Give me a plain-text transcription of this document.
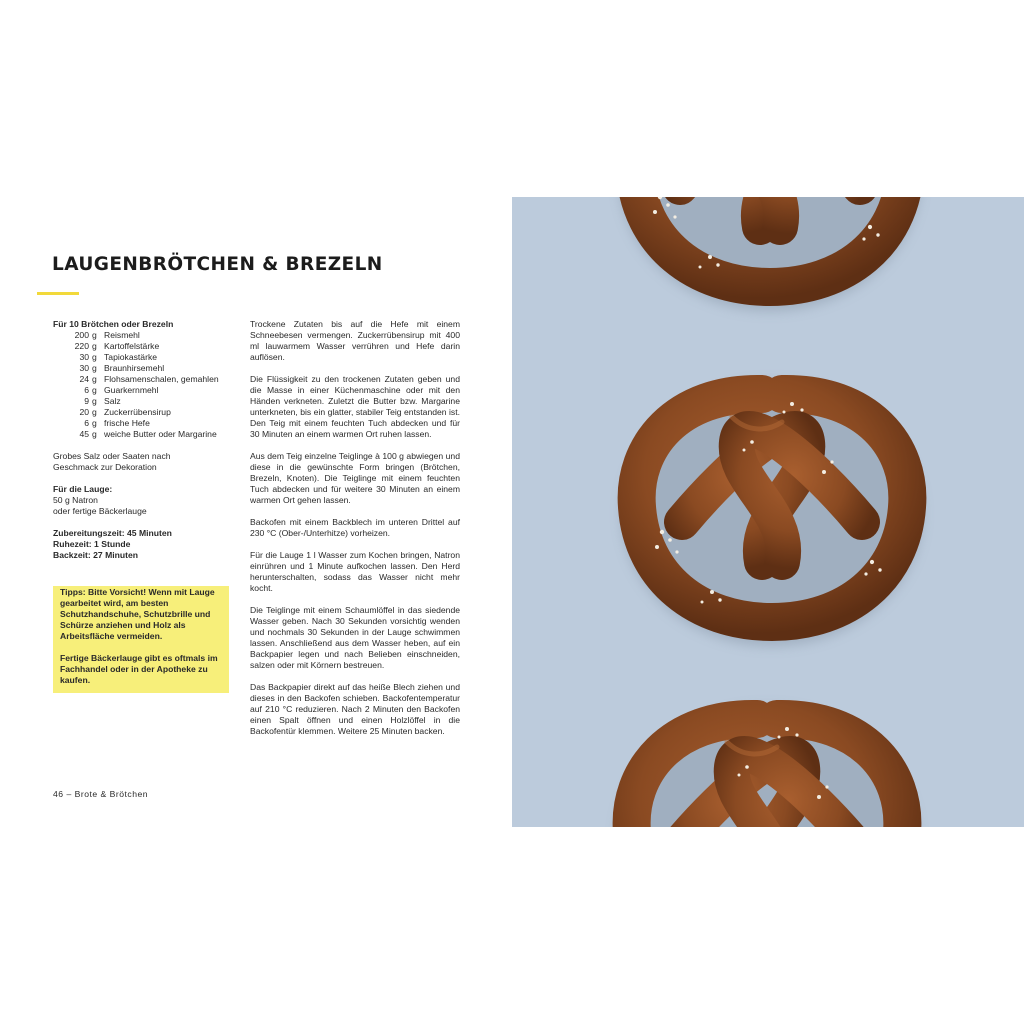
LAUGENBRÖTCHEN & BREZELN
Für 10 Brötchen oder Brezeln
200 g Reismehl
220 g Kartoffelstärke
30 g Tapiokastärke
30 g Braunhirsemehl
24 g Flohsamenschalen, gemahlen
6 g Guarkernmehl
9 g Salz
20 g Zuckerrübensirup
6 g frische Hefe
45 g weiche Butter oder Margarine
Grobes Salz oder Saaten nach
Geschmack zur Dekoration
Für die Lauge:
50 g Natron
oder fertige Bäckerlauge
Zubereitungszeit: 45 Minuten
Ruhezeit: 1 Stunde
Backzeit: 27 Minuten

Tipps: Bitte Vorsicht! Wenn mit Lauge gearbeitet wird, am besten Schutzhandschuhe, Schutzbrille und Schürze anziehen und Holz als Arbeitsfläche vermeiden.

Fertige Bäckerlauge gibt es oftmals im Fachhandel oder in der Apotheke zu kaufen.

Trockene Zutaten bis auf die Hefe mit einem Schneebesen vermengen. Zuckerrübensirup mit 400 ml lauwarmem Wasser verrühren und Hefe darin auflösen.

Die Flüssigkeit zu den trockenen Zutaten geben und die Masse in einer Küchenmaschine oder mit den Händen verkneten. Zuletzt die Butter bzw. Margarine unterkneten, bis ein glatter, stabiler Teig entstanden ist. Den Teig mit einem feuchten Tuch abdecken und für 30 Minuten an einem warmen Ort ruhen lassen.

Aus dem Teig einzelne Teiglinge à 100 g abwiegen und diese in die gewünschte Form bringen (Brötchen, Brezeln, Knoten). Die Teiglinge mit einem feuchten Tuch abdecken und für weitere 30 Minuten an einem warmen Ort gehen lassen.

Backofen mit einem Backblech im unteren Drittel auf 230 °C (Ober-/Unterhitze) vorheizen.

Für die Lauge 1 l Wasser zum Kochen bringen, Natron einrühren und 1 Minute aufkochen lassen. Den Herd herunterschalten, sodass das Wasser nicht mehr kocht.

Die Teiglinge mit einem Schaumlöffel in das siedende Wasser geben. Nach 30 Sekunden vorsichtig wenden und nochmals 30 Sekunden in der Lauge schwimmen lassen. Anschließend aus dem Wasser heben, auf ein Backpapier legen und nach Belieben einschneiden, salzen oder mit Körnern bestreuen.

Das Backpapier direkt auf das heiße Blech ziehen und dieses in den Backofen schieben. Backofentemperatur auf 210 °C reduzieren. Nach 2 Minuten den Backofen einen Spalt öffnen und einen Holzlöffel in die Backofentür klemmen. Weitere 25 Minuten backen.

46 – Brote & Brötchen
